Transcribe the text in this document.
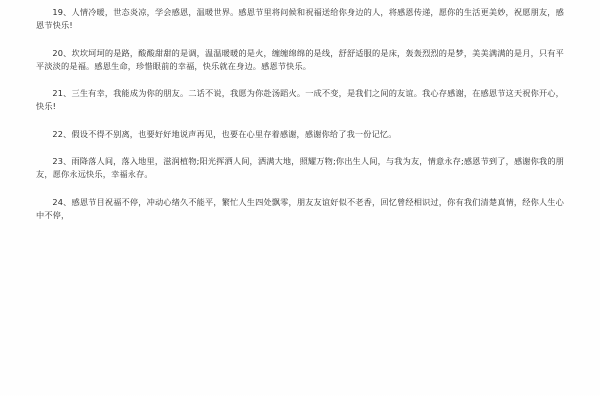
19、人情冷暖，世态炎凉，学会感恩，温暖世界。感恩节里将问候和祝福送给你身边的人，将感恩传递，愿你的生活更美妙，祝愿朋友，感恩节快乐!

20、坎坎坷坷的是路，酸酸甜甜的是调，温温暖暖的是火，缠缠绵绵的是线，舒舒适服的是床，轰轰烈烈的是梦，美美满满的是月，只有平平淡淡的是福。感恩生命，珍惜眼前的幸福，快乐就在身边。感恩节快乐。

21、三生有幸，我能成为你的朋友。二话不说，我愿为你赴汤蹈火。一成不变，是我们之间的友谊。我心存感谢，在感恩节这天祝你开心，快乐!

22、假设不得不别离，也要好好地说声再见，也要在心里存着感谢，感谢你给了我一份记忆。

23、雨降落人间，落入地里，滋润植物;阳光挥洒人间，洒满大地，照耀万物;你出生人间，与我为友，情意永存;感恩节到了，感谢你我的朋友，愿你永远快乐，幸福永存。

24、感恩节目祝福不停，冲动心绪久不能平，繁忙人生四处飘零，朋友友谊好似不老香，回忆曾经相识过，你有我们清楚真情，经你人生心中不停，
